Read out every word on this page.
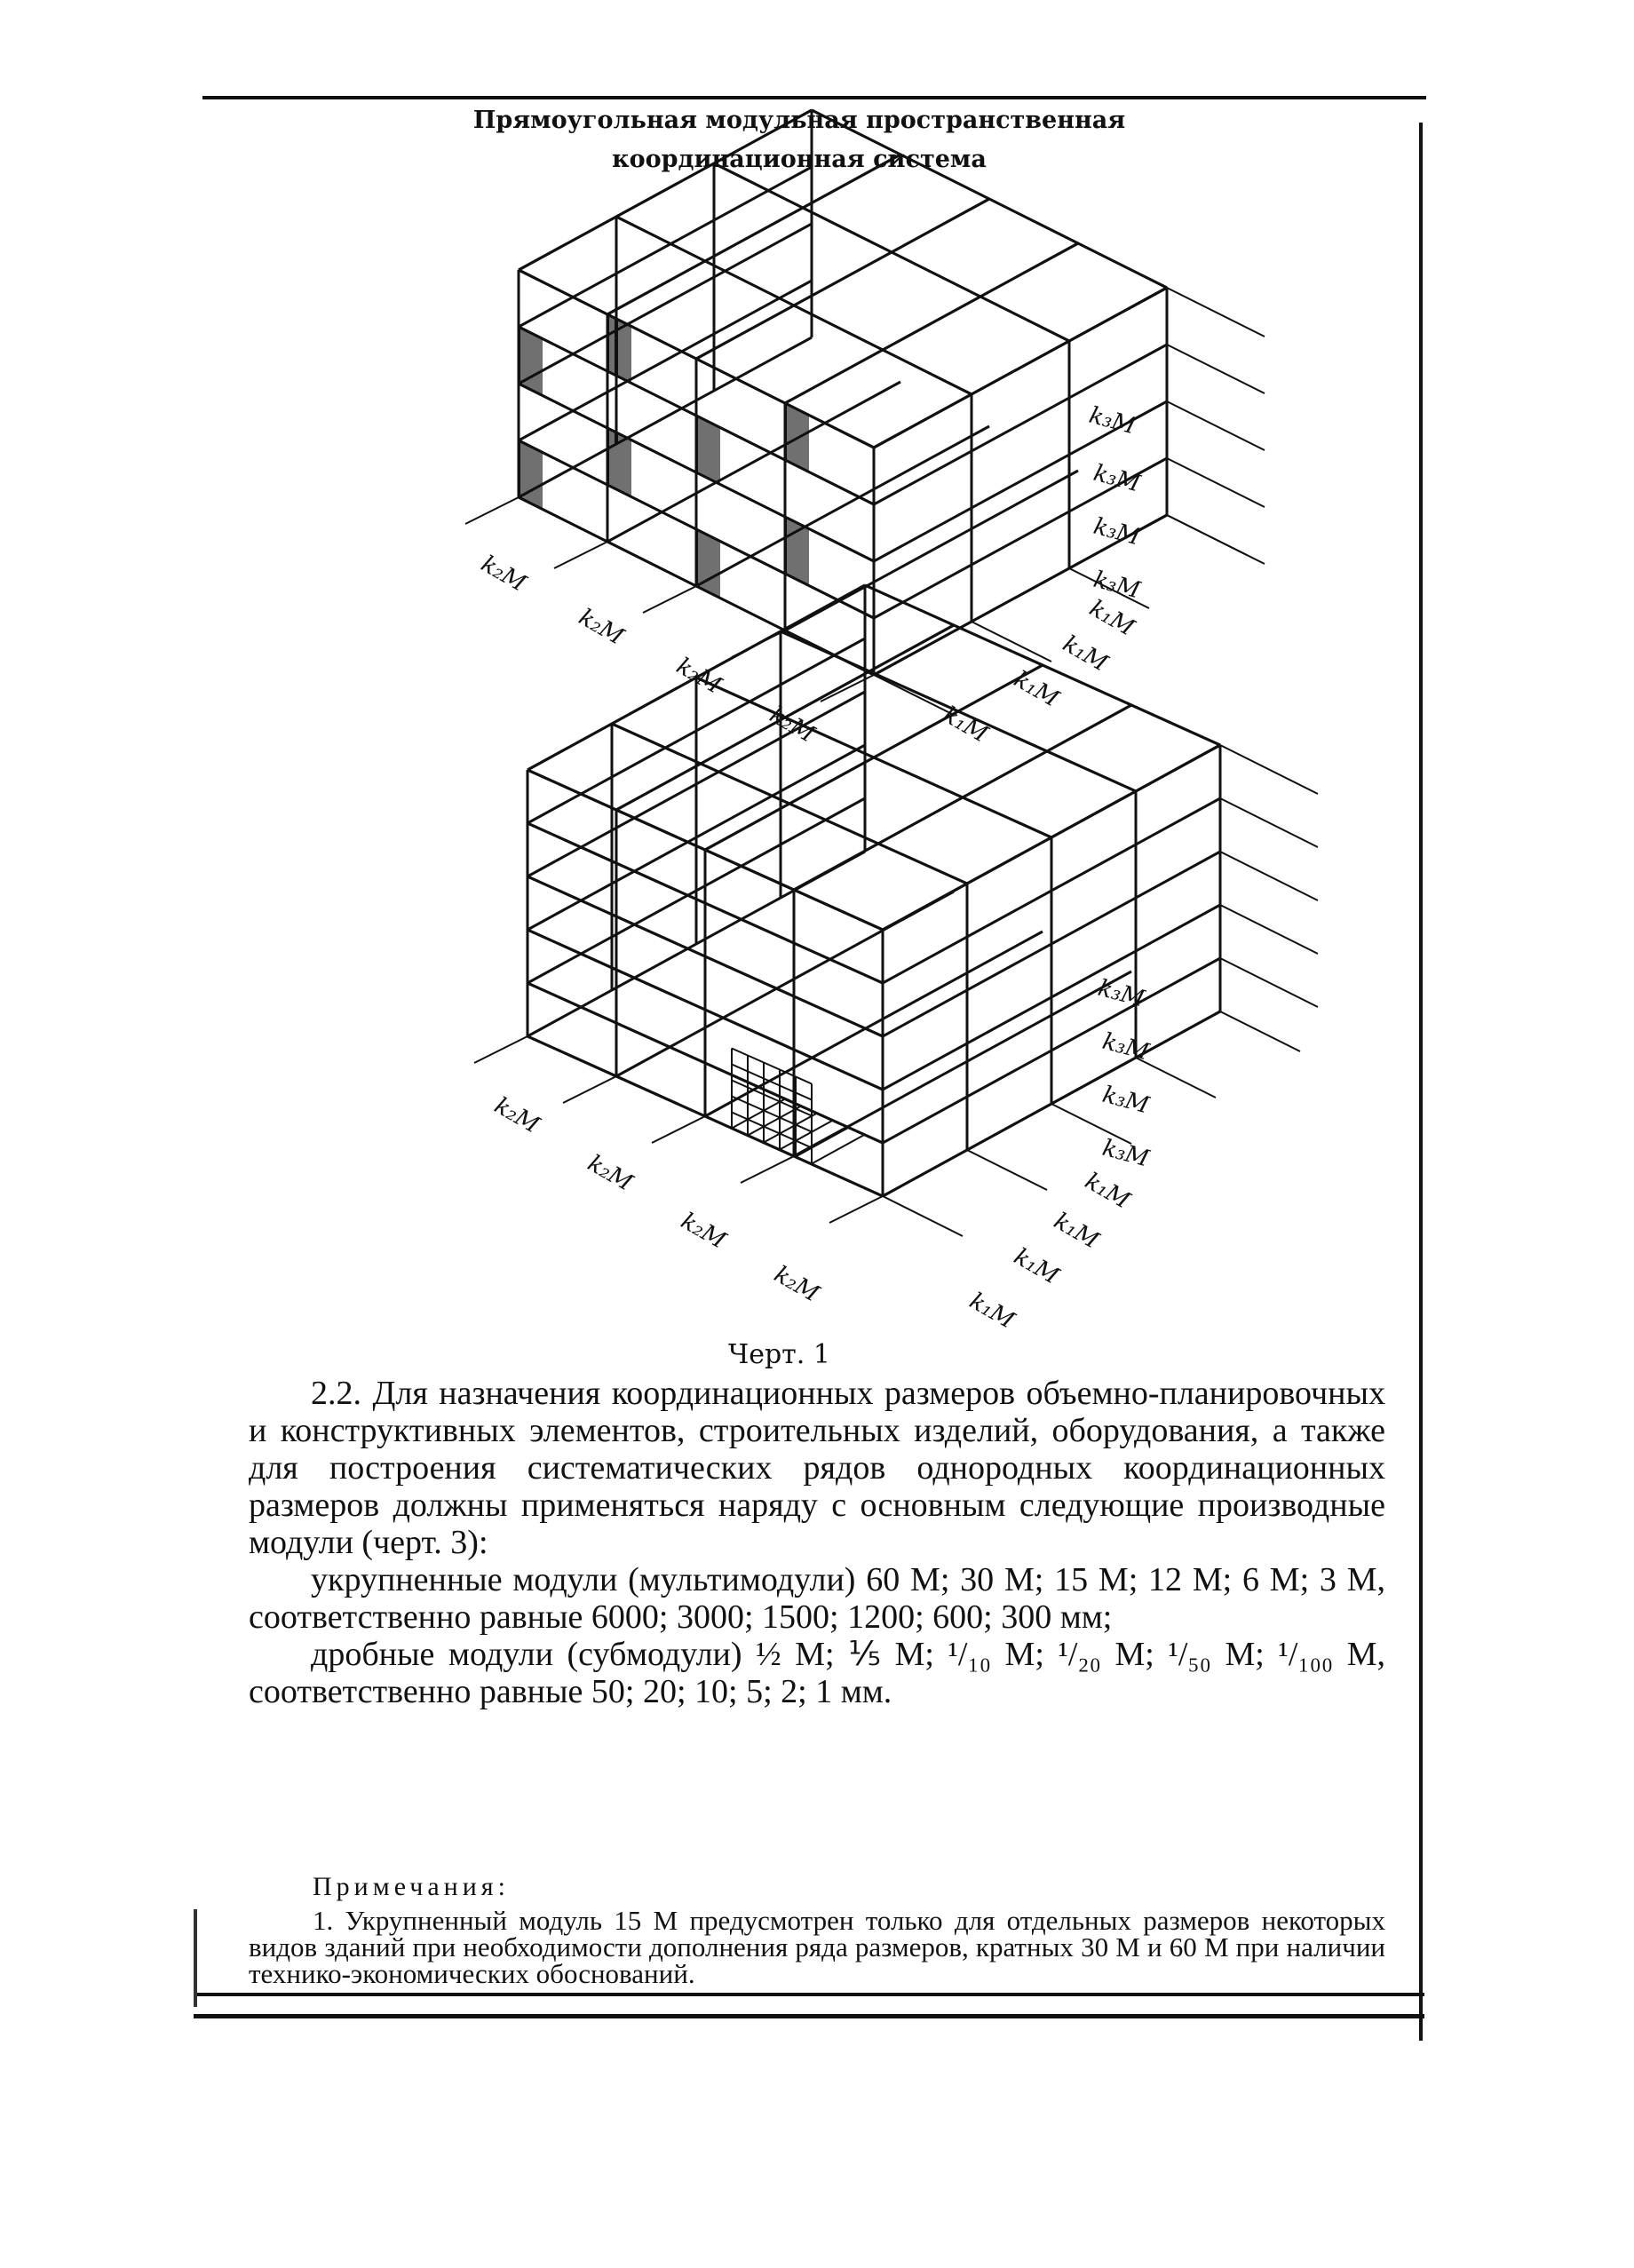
Прямоугольная модульная пространственная
координационная система
k₂M
k₂M
k₂M
k₂M	k₁M
k₁M
k₁M
k₁M
k₃M
k₃M
k₃M
k₃M
k₂M
k₂M
k₂M
k₂M
k₁M
k₁M
k₁M
k₁M
k₃M
k₃M
k₃M
k₃M
Черт. 1

2.2. Для назначения координационных размеров объемно-планировочных и конструктивных элементов, строительных изделий, оборудования, а также для построения систематических рядов однородных координационных размеров должны применяться наряду с основным следующие производные модули (черт. 3):

укрупненные модули (мультимодули) 60 М; 30 М; 15 М; 12 М; 6 М; 3 М, соответственно равные 6000; 3000; 1500; 1200; 600; 300 мм;

дробные модули (субмодули) ½ М; ⅕ М; ¹/₁₀ М; ¹/₂₀ М; ¹/₅₀ М; ¹/₁₀₀ М, соответственно равные 50; 20; 10; 5; 2; 1 мм.

Примечания:

1. Укрупненный модуль 15 М предусмотрен только для отдельных размеров некоторых видов зданий при необходимости дополнения ряда размеров, кратных 30 М и 60 М при наличии технико-экономических обоснований.
